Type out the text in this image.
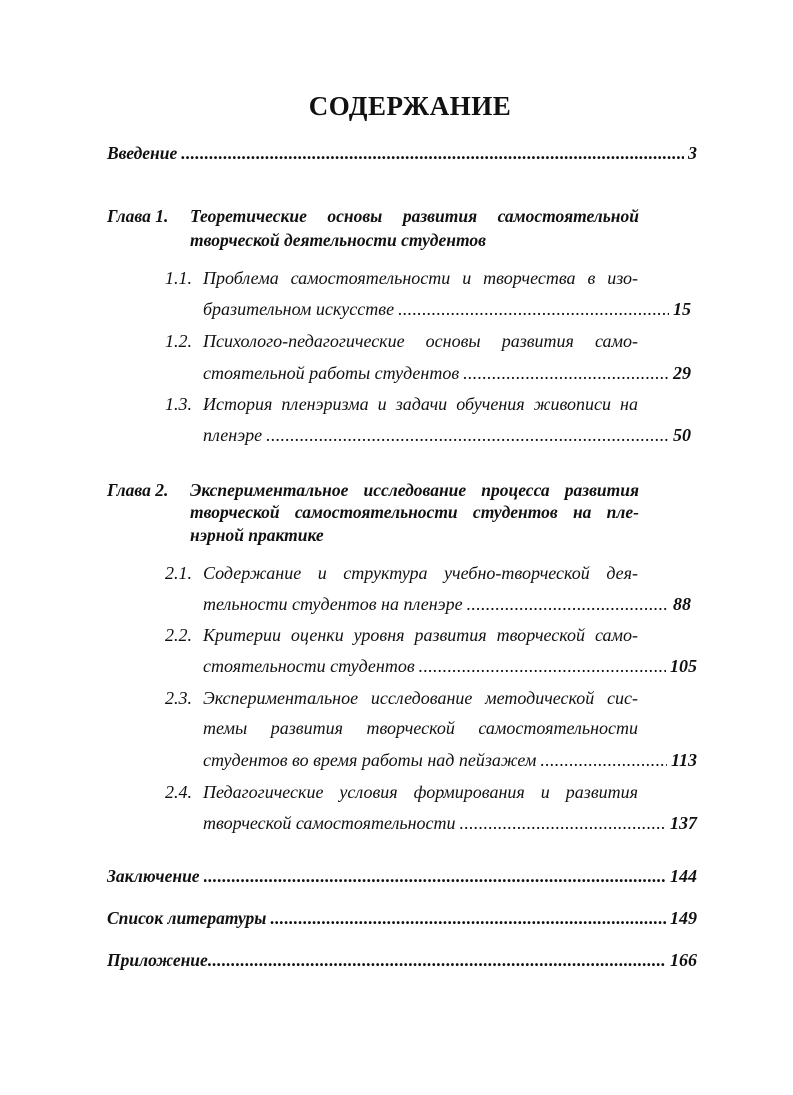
СОДЕРЖАНИЕ
Введение .....	3
Глава 1. Теоретические основы развития самостоятельной
творческой деятельности студентов
1.1. Проблема самостоятельности и творчества в изо-
бразительном искусстве .....	15
1.2. Психолого-педагогические основы развития само-
стоятельной работы студентов .....	29
1.3. История пленэризма и задачи обучения живописи на
пленэре .....	50
Глава 2. Экспериментальное исследование процесса развития
творческой самостоятельности студентов на пле-
нэрной практике
2.1. Содержание и структура учебно-творческой дея-
тельности студентов на пленэре .....	88
2.2. Критерии оценки уровня развития творческой само-
стоятельности студентов .....	105
2.3. Экспериментальное исследование методической сис-
темы развития творческой самостоятельности
студентов во время работы над пейзажем .....	113
2.4. Педагогические условия формирования и развития
творческой самостоятельности .....	137
Заключение .....	144
Список литературы .....	149
Приложение .....	166
